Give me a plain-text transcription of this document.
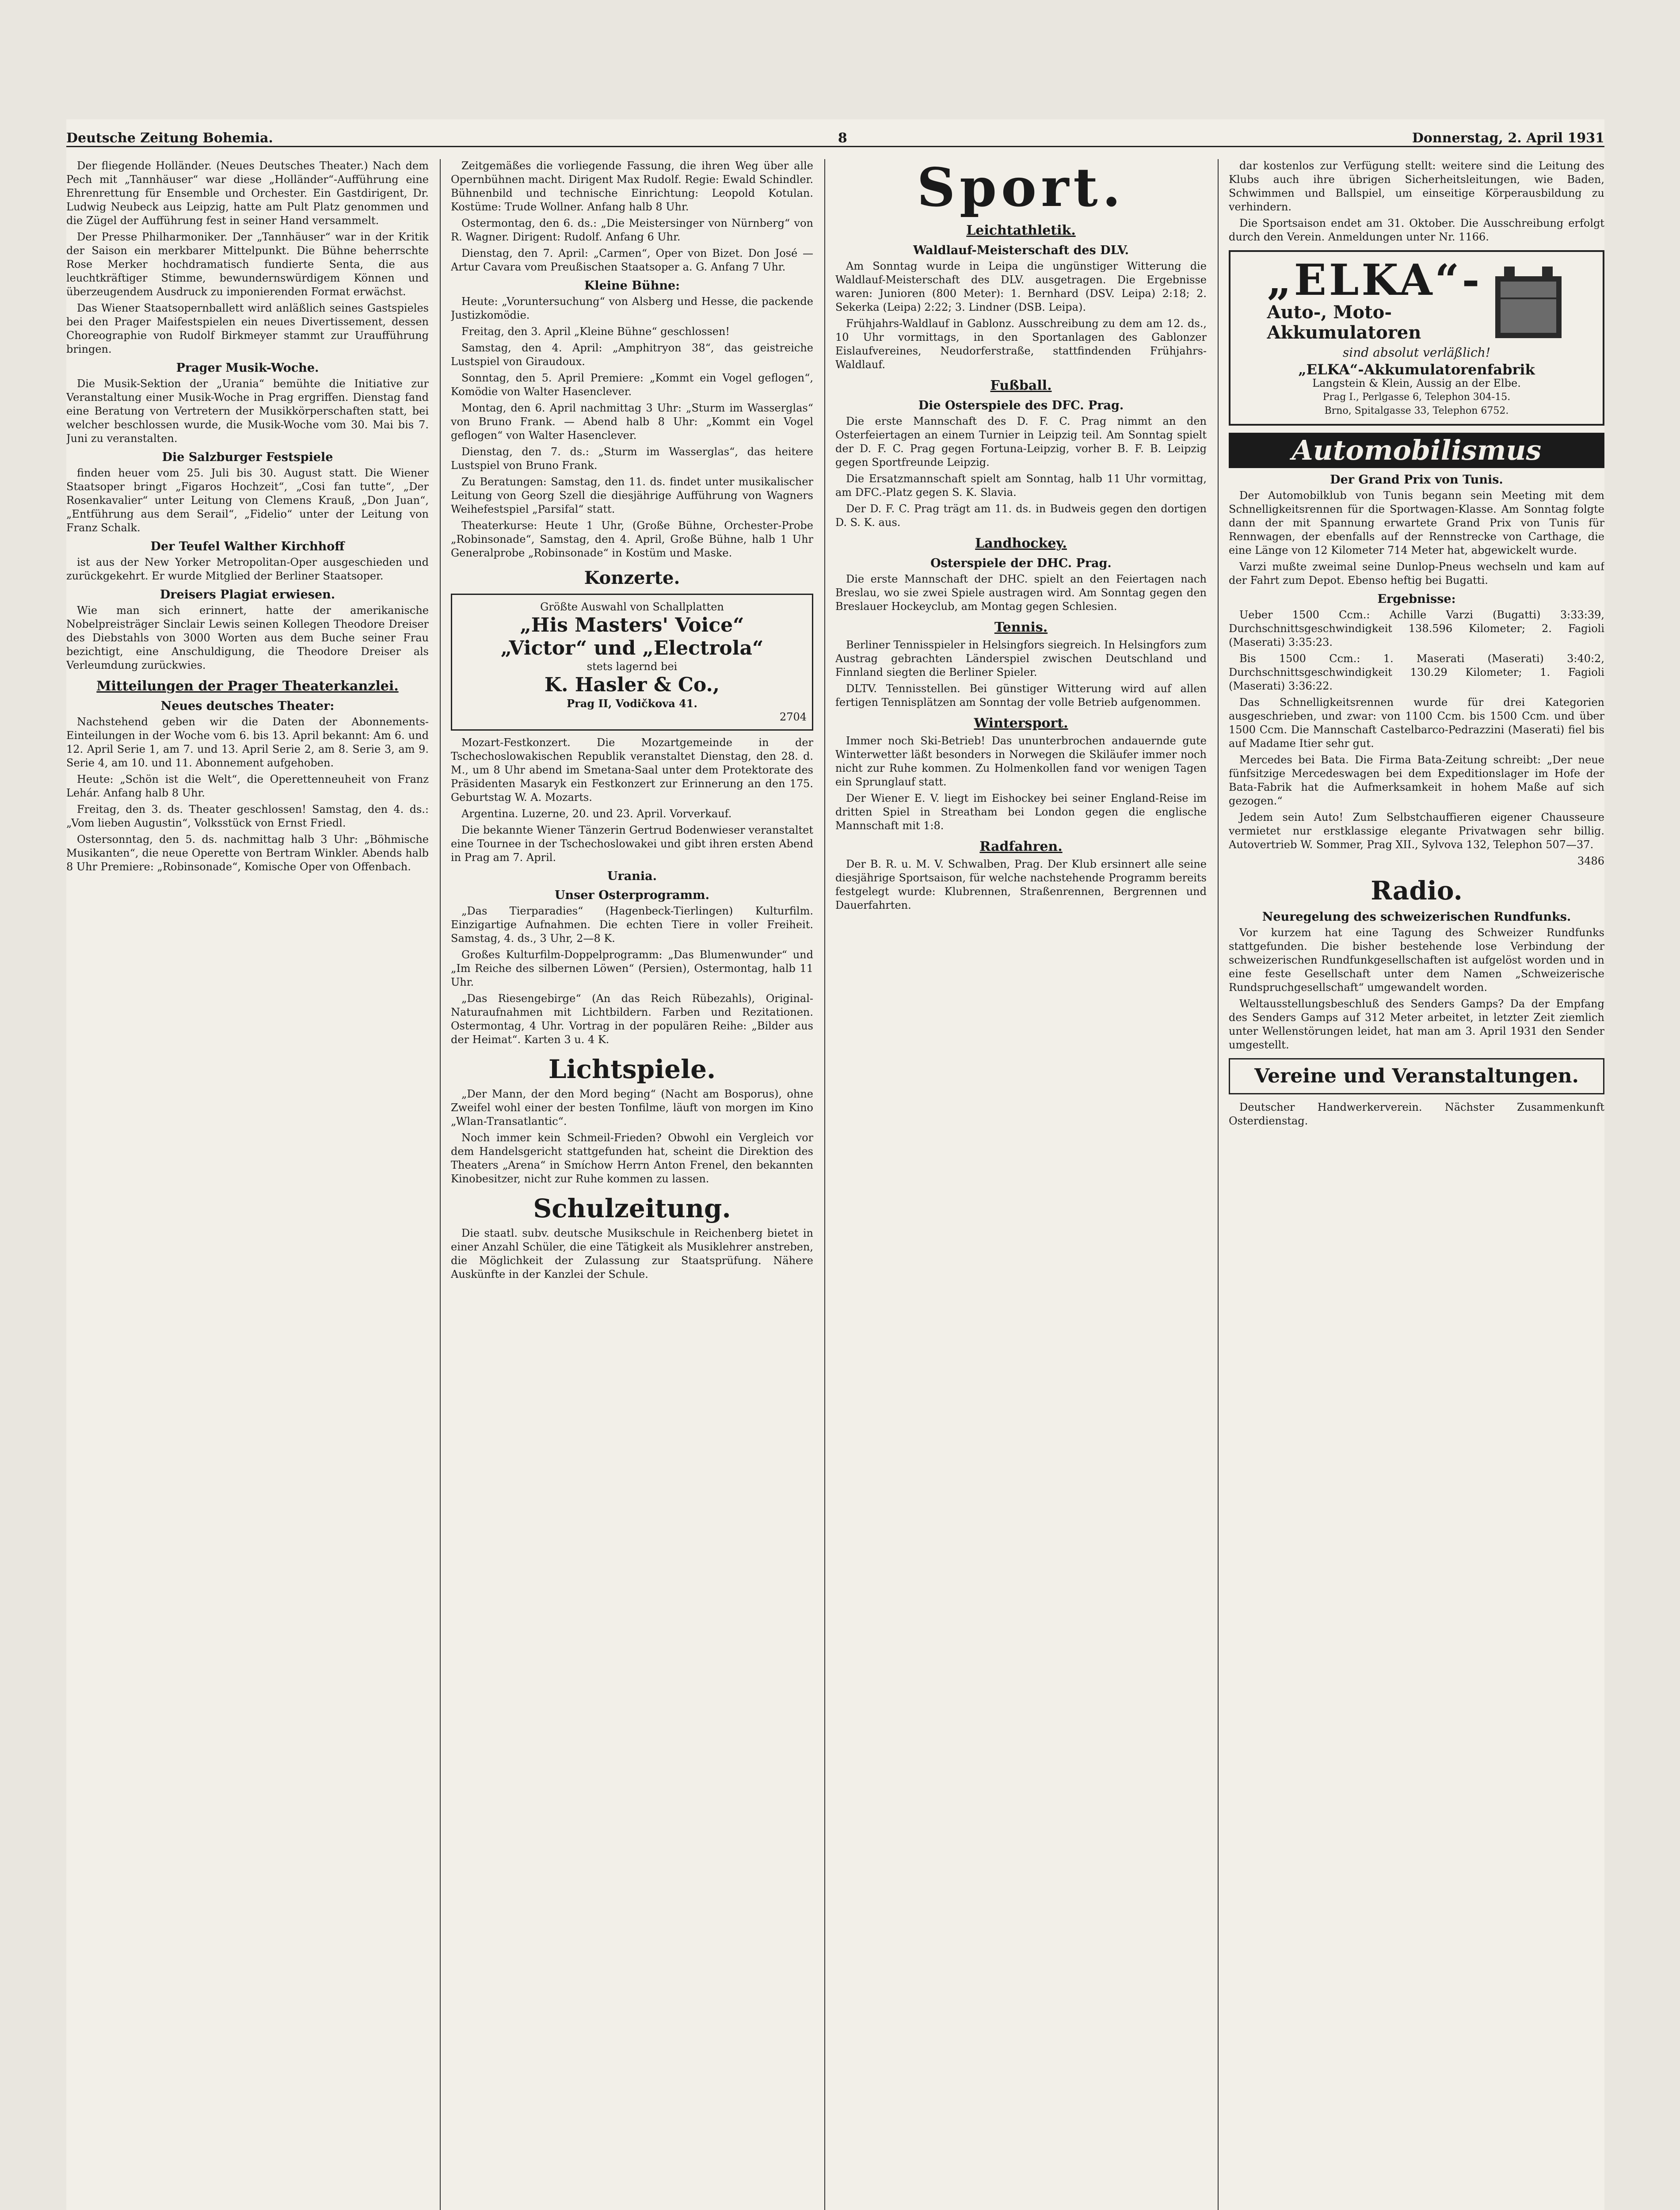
Deutsche Zeitung Bohemia.	8	Donnerstag, 2. April 1931

Der fliegende Holländer. (Neues Deutsches Theater.) Nach dem Pech mit „Tannhäuser“ war diese „Holländer“-Aufführung eine Ehrenrettung für Ensemble und Orchester. Ein Gastdirigent, Dr. Ludwig Neubeck aus Leipzig, hatte am Pult Platz genommen und die Zügel der Aufführung fest in seiner Hand versammelt.

Der Presse Philharmoniker. Der „Tannhäuser“ war in der Kritik der Saison ein merkbarer Mittelpunkt. Die Bühne beherrschte Rose Merker hochdramatisch fundierte Senta, die aus leuchtkräftiger Stimme, bewundernswürdigem Können und überzeugendem Ausdruck zu imponierenden Format erwächst.

Das Wiener Staatsopernballett wird anläßlich seines Gastspieles bei den Prager Maifestspielen ein neues Divertissement, dessen Choreographie von Rudolf Birkmeyer stammt zur Uraufführung bringen.

Prager Musik-Woche.

Die Musik-Sektion der „Urania“ bemühte die Initiative zur Veranstaltung einer Musik-Woche in Prag ergriffen. Dienstag fand eine Beratung von Vertretern der Musikkörperschaften statt, bei welcher beschlossen wurde, die Musik-Woche vom 30. Mai bis 7. Juni zu veranstalten.

Die Salzburger Festspiele

finden heuer vom 25. Juli bis 30. August statt. Die Wiener Staatsoper bringt „Figaros Hochzeit“, „Cosi fan tutte“, „Der Rosenkavalier“ unter Leitung von Clemens Krauß, „Don Juan“, „Entführung aus dem Serail“, „Fidelio“ unter der Leitung von Franz Schalk.

Der Teufel Walther Kirchhoff

ist aus der New Yorker Metropolitan-Oper ausgeschieden und zurückgekehrt. Er wurde Mitglied der Berliner Staatsoper.

Dreisers Plagiat erwiesen.

Wie man sich erinnert, hatte der amerikanische Nobelpreisträger Sinclair Lewis seinen Kollegen Theodore Dreiser des Diebstahls von 3000 Worten aus dem Buche seiner Frau bezichtigt, eine Anschuldigung, die Theodore Dreiser als Verleumdung zurückwies.

Mitteilungen der Prager Theaterkanzlei.
Neues deutsches Theater:

Nachstehend geben wir die Daten der Abonnements-Einteilungen in der Woche vom 6. bis 13. April bekannt: Am 6. und 12. April Serie 1, am 7. und 13. April Serie 2, am 8. Serie 3, am 9. Serie 4, am 10. und 11. Abonnement aufgehoben.

Heute: „Schön ist die Welt“, die Operettenneuheit von Franz Lehár. Anfang halb 8 Uhr.

Freitag, den 3. ds. Theater geschlossen! Samstag, den 4. ds.: „Vom lieben Augustin“, Volksstück von Ernst Friedl.

Ostersonntag, den 5. ds. nachmittag halb 3 Uhr: „Böhmische Musikanten“, die neue Operette von Bertram Winkler. Abends halb 8 Uhr Premiere: „Robinsonade“, Komische Oper von Offenbach.

Zeitgemäßes die vorliegende Fassung, die ihren Weg über alle Opernbühnen macht. Dirigent Max Rudolf. Regie: Ewald Schindler. Bühnenbild und technische Einrichtung: Leopold Kotulan. Kostüme: Trude Wollner. Anfang halb 8 Uhr.

Ostermontag, den 6. ds.: „Die Meistersinger von Nürnberg“ von R. Wagner. Dirigent: Rudolf. Anfang 6 Uhr.

Dienstag, den 7. April: „Carmen“, Oper von Bizet. Don José — Artur Cavara vom Preußischen Staatsoper a. G. Anfang 7 Uhr.

Kleine Bühne:

Heute: „Voruntersuchung“ von Alsberg und Hesse, die packende Justizkomödie.

Freitag, den 3. April „Kleine Bühne“ geschlossen!

Samstag, den 4. April: „Amphitryon 38“, das geistreiche Lustspiel von Giraudoux.

Sonntag, den 5. April Premiere: „Kommt ein Vogel geflogen“, Komödie von Walter Hasenclever.

Montag, den 6. April nachmittag 3 Uhr: „Sturm im Wasserglas“ von Bruno Frank. — Abend halb 8 Uhr: „Kommt ein Vogel geflogen“ von Walter Hasenclever.

Dienstag, den 7. ds.: „Sturm im Wasserglas“, das heitere Lustspiel von Bruno Frank.

Zu Beratungen: Samstag, den 11. ds. findet unter musikalischer Leitung von Georg Szell die diesjährige Aufführung von Wagners Weihefestspiel „Parsifal“ statt.

Theaterkurse: Heute 1 Uhr, (Große Bühne, Orchester-Probe „Robinsonade“, Samstag, den 4. April, Große Bühne, halb 1 Uhr Generalprobe „Robinsonade“ in Kostüm und Maske.

Konzerte.
Größte Auswahl von Schallplatten
„His Masters' Voice“
„Victor“ und „Electrola“
stets lagernd bei
K. Hasler & Co.,
Prag II, Vodičkova 41.
2704

Mozart-Festkonzert. Die Mozartgemeinde in der Tschechoslowakischen Republik veranstaltet Dienstag, den 28. d. M., um 8 Uhr abend im Smetana-Saal unter dem Protektorate des Präsidenten Masaryk ein Festkonzert zur Erinnerung an den 175. Geburtstag W. A. Mozarts.

Argentina. Luzerne, 20. und 23. April. Vorverkauf.

Die bekannte Wiener Tänzerin Gertrud Bodenwieser veranstaltet eine Tournee in der Tschechoslowakei und gibt ihren ersten Abend in Prag am 7. April.

Urania.
Unser Osterprogramm.

„Das Tierparadies“ (Hagenbeck-Tierlingen) Kulturfilm. Einzigartige Aufnahmen. Die echten Tiere in voller Freiheit. Samstag, 4. ds., 3 Uhr, 2—8 K.

Großes Kulturfilm-Doppelprogramm: „Das Blumenwunder“ und „Im Reiche des silbernen Löwen“ (Persien), Ostermontag, halb 11 Uhr.

„Das Riesengebirge“ (An das Reich Rübezahls), Original-Naturaufnahmen mit Lichtbildern. Farben und Rezitationen. Ostermontag, 4 Uhr. Vortrag in der populären Reihe: „Bilder aus der Heimat“. Karten 3 u. 4 K.

Lichtspiele.

„Der Mann, der den Mord beging“ (Nacht am Bosporus), ohne Zweifel wohl einer der besten Tonfilme, läuft von morgen im Kino „Wlan-Transatlantic“.

Noch immer kein Schmeil-Frieden? Obwohl ein Vergleich vor dem Handelsgericht stattgefunden hat, scheint die Direktion des Theaters „Arena“ in Smíchow Herrn Anton Frenel, den bekannten Kinobesitzer, nicht zur Ruhe kommen zu lassen.

Schulzeitung.

Die staatl. subv. deutsche Musikschule in Reichenberg bietet in einer Anzahl Schüler, die eine Tätigkeit als Musiklehrer anstreben, die Möglichkeit der Zulassung zur Staatsprüfung. Nähere Auskünfte in der Kanzlei der Schule.

Sport.
Leichtathletik.
Waldlauf-Meisterschaft des DLV.

Am Sonntag wurde in Leipa die ungünstiger Witterung die Waldlauf-Meisterschaft des DLV. ausgetragen. Die Ergebnisse waren: Junioren (800 Meter): 1. Bernhard (DSV. Leipa) 2:18; 2. Sekerka (Leipa) 2:22; 3. Lindner (DSB. Leipa).

Frühjahrs-Waldlauf in Gablonz. Ausschreibung zu dem am 12. ds., 10 Uhr vormittags, in den Sportanlagen des Gablonzer Eislaufvereines, Neudorferstraße, stattfindenden Frühjahrs-Waldlauf.

Fußball.
Die Osterspiele des DFC. Prag.

Die erste Mannschaft des D. F. C. Prag nimmt an den Osterfeiertagen an einem Turnier in Leipzig teil. Am Sonntag spielt der D. F. C. Prag gegen Fortuna-Leipzig, vorher B. F. B. Leipzig gegen Sportfreunde Leipzig.

Die Ersatzmannschaft spielt am Sonntag, halb 11 Uhr vormittag, am DFC.-Platz gegen S. K. Slavia.

Der D. F. C. Prag trägt am 11. ds. in Budweis gegen den dortigen D. S. K. aus.

Landhockey.
Osterspiele der DHC. Prag.

Die erste Mannschaft der DHC. spielt an den Feiertagen nach Breslau, wo sie zwei Spiele austragen wird. Am Sonntag gegen den Breslauer Hockeyclub, am Montag gegen Schlesien.

Tennis.

Berliner Tennisspieler in Helsingfors siegreich. In Helsingfors zum Austrag gebrachten Länderspiel zwischen Deutschland und Finnland siegten die Berliner Spieler.

DLTV. Tennisstellen. Bei günstiger Witterung wird auf allen fertigen Tennisplätzen am Sonntag der volle Betrieb aufgenommen.

Wintersport.

Immer noch Ski-Betrieb! Das ununterbrochen andauernde gute Winterwetter läßt besonders in Norwegen die Skiläufer immer noch nicht zur Ruhe kommen. Zu Holmenkollen fand vor wenigen Tagen ein Sprunglauf statt.

Der Wiener E. V. liegt im Eishockey bei seiner England-Reise im dritten Spiel in Streatham bei London gegen die englische Mannschaft mit 1:8.

Radfahren.

Der B. R. u. M. V. Schwalben, Prag. Der Klub ersinnert alle seine diesjährige Sportsaison, für welche nachstehende Programm bereits festgelegt wurde: Klubrennen, Straßenrennen, Bergrennen und Dauerfahrten.

dar kostenlos zur Verfügung stellt: weitere sind die Leitung des Klubs auch ihre übrigen Sicherheitsleitungen, wie Baden, Schwimmen und Ballspiel, um einseitige Körperausbildung zu verhindern.

Die Sportsaison endet am 31. Oktober. Die Ausschreibung erfolgt durch den Verein. Anmeldungen unter Nr. 1166.

„ELKA“-
Auto-, Moto-
Akkumulatoren
sind absolut verläßlich!
„ELKA“-Akkumulatorenfabrik
Langstein & Klein, Aussig an der Elbe.
Prag I., Perlgasse 6, Telephon 304-15.
Brno, Spitalgasse 33, Telephon 6752.
Automobilismus
Der Grand Prix von Tunis.

Der Automobilklub von Tunis begann sein Meeting mit dem Schnelligkeitsrennen für die Sportwagen-Klasse. Am Sonntag folgte dann der mit Spannung erwartete Grand Prix von Tunis für Rennwagen, der ebenfalls auf der Rennstrecke von Carthage, die eine Länge von 12 Kilometer 714 Meter hat, abgewickelt wurde.

Varzi mußte zweimal seine Dunlop-Pneus wechseln und kam auf der Fahrt zum Depot. Ebenso heftig bei Bugatti.

Ergebnisse:

Ueber 1500 Ccm.: Achille Varzi (Bugatti) 3:33:39, Durchschnittsgeschwindigkeit 138.596 Kilometer; 2. Fagioli (Maserati) 3:35:23.

Bis 1500 Ccm.: 1. Maserati (Maserati) 3:40:2, Durchschnittsgeschwindigkeit 130.29 Kilometer; 1. Fagioli (Maserati) 3:36:22.

Das Schnelligkeitsrennen wurde für drei Kategorien ausgeschrieben, und zwar: von 1100 Ccm. bis 1500 Ccm. und über 1500 Ccm. Die Mannschaft Castelbarco-Pedrazzini (Maserati) fiel bis auf Madame Itier sehr gut.

Mercedes bei Bata. Die Firma Bata-Zeitung schreibt: „Der neue fünfsitzige Mercedeswagen bei dem Expeditionslager im Hofe der Bata-Fabrik hat die Aufmerksamkeit in hohem Maße auf sich gezogen.“

Jedem sein Auto! Zum Selbstchauffieren eigener Chausseure vermietet nur erstklassige elegante Privatwagen sehr billig. Autovertrieb W. Sommer, Prag XII., Sylvova 132, Telephon 507—37.

3486
Radio.
Neuregelung des schweizerischen Rundfunks.

Vor kurzem hat eine Tagung des Schweizer Rundfunks stattgefunden. Die bisher bestehende lose Verbindung der schweizerischen Rundfunkgesellschaften ist aufgelöst worden und in eine feste Gesellschaft unter dem Namen „Schweizerische Rundspruchgesellschaft“ umgewandelt worden.

Weltausstellungsbeschluß des Senders Gamps? Da der Empfang des Senders Gamps auf 312 Meter arbeitet, in letzter Zeit ziemlich unter Wellenstörungen leidet, hat man am 3. April 1931 den Sender umgestellt.

Vereine und Veranstaltungen.

Deutscher Handwerkerverein. Nächster Zusammenkunft Osterdienstag.
